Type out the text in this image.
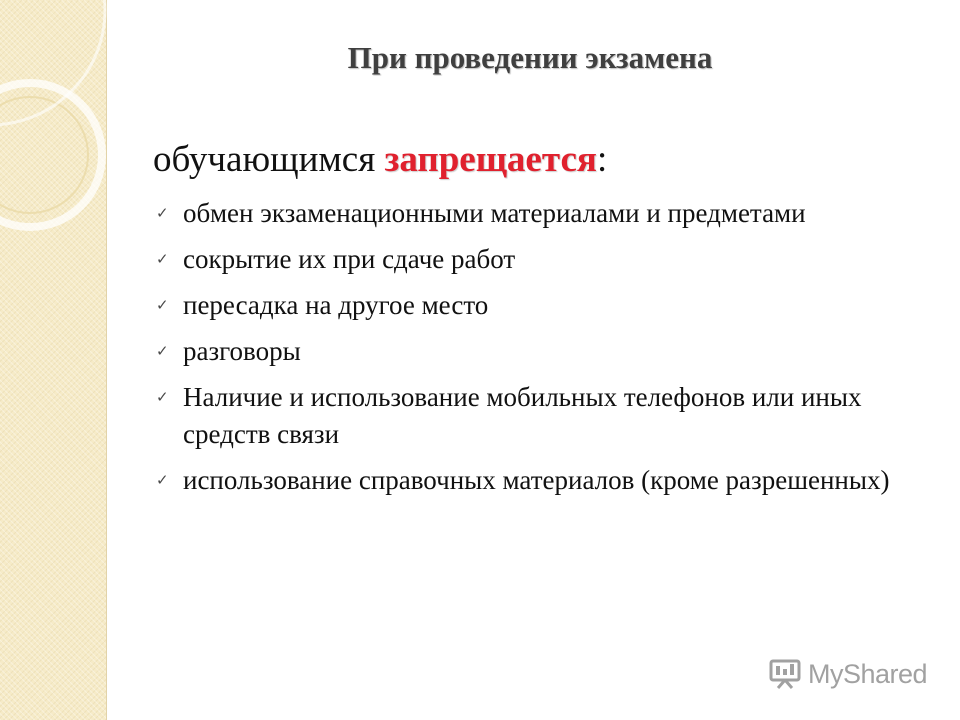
При проведении экзамена
обучающимся запрещается:
✓ обмен экзаменационными материалами и предметами
✓ сокрытие их при сдаче работ
✓ пересадка на другое место
✓ разговоры
✓ Наличие и использование мобильных телефонов или иных средств связи
✓ использование справочных материалов (кроме разрешенных)
MyShared
